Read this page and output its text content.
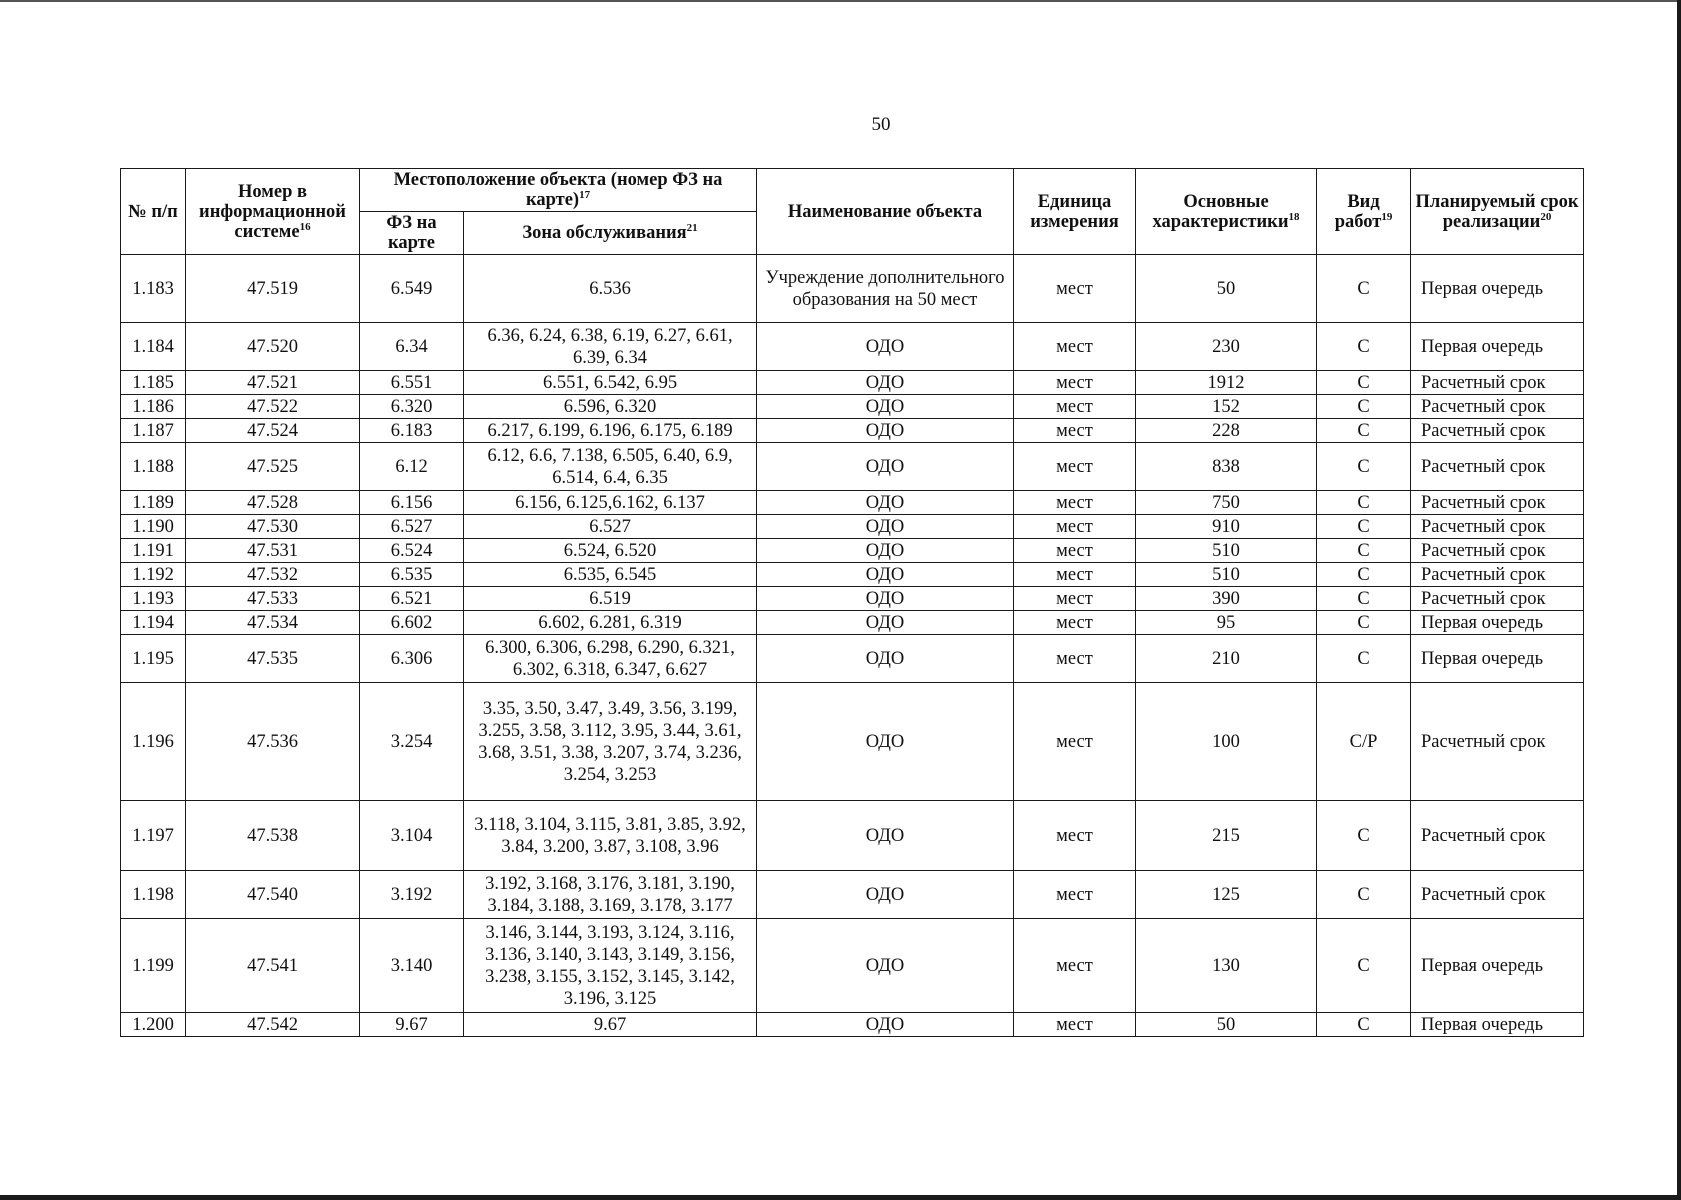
50
№ п/п	Номер в информационной системе$^{16}$	Местоположение объекта (номер ФЗ на карте)$^{17}$		Наименование объекта	Единица измерения	Основные характеристики$^{18}$	Вид работ$^{19}$	Планируемый срок реализации$^{20}$
		ФЗ на карте	Зона обслуживания$^{21}$
1.183	47.519	6.549	6.536	Учреждение дополнительного образования на 50 мест	мест	50	С	Первая очередь
1.184	47.520	6.34	6.36, 6.24, 6.38, 6.19, 6.27, 6.61, 6.39, 6.34	ОДО	мест	230	С	Первая очередь
1.185	47.521	6.551	6.551, 6.542, 6.95	ОДО	мест	1912	С	Расчетный срок
1.186	47.522	6.320	6.596, 6.320	ОДО	мест	152	С	Расчетный срок
1.187	47.524	6.183	6.217, 6.199, 6.196, 6.175, 6.189	ОДО	мест	228	С	Расчетный срок
1.188	47.525	6.12	6.12, 6.6, 7.138, 6.505, 6.40, 6.9, 6.514, 6.4, 6.35	ОДО	мест	838	С	Расчетный срок
1.189	47.528	6.156	6.156, 6.125,6.162, 6.137	ОДО	мест	750	С	Расчетный срок
1.190	47.530	6.527	6.527	ОДО	мест	910	С	Расчетный срок
1.191	47.531	6.524	6.524, 6.520	ОДО	мест	510	С	Расчетный срок
1.192	47.532	6.535	6.535, 6.545	ОДО	мест	510	С	Расчетный срок
1.193	47.533	6.521	6.519	ОДО	мест	390	С	Расчетный срок
1.194	47.534	6.602	6.602, 6.281, 6.319	ОДО	мест	95	С	Первая очередь
1.195	47.535	6.306	6.300, 6.306, 6.298, 6.290, 6.321, 6.302, 6.318, 6.347, 6.627	ОДО	мест	210	С	Первая очередь
1.196	47.536	3.254	3.35, 3.50, 3.47, 3.49, 3.56, 3.199, 3.255, 3.58, 3.112, 3.95, 3.44, 3.61, 3.68, 3.51, 3.38, 3.207, 3.74, 3.236, 3.254, 3.253	ОДО	мест	100	С/Р	Расчетный срок
1.197	47.538	3.104	3.118, 3.104, 3.115, 3.81, 3.85, 3.92, 3.84, 3.200, 3.87, 3.108, 3.96	ОДО	мест	215	С	Расчетный срок
1.198	47.540	3.192	3.192, 3.168, 3.176, 3.181, 3.190, 3.184, 3.188, 3.169, 3.178, 3.177	ОДО	мест	125	С	Расчетный срок
1.199	47.541	3.140	3.146, 3.144, 3.193, 3.124, 3.116, 3.136, 3.140, 3.143, 3.149, 3.156, 3.238, 3.155, 3.152, 3.145, 3.142, 3.196, 3.125	ОДО	мест	130	С	Первая очередь
1.200	47.542	9.67	9.67	ОДО	мест	50	С	Первая очередь
